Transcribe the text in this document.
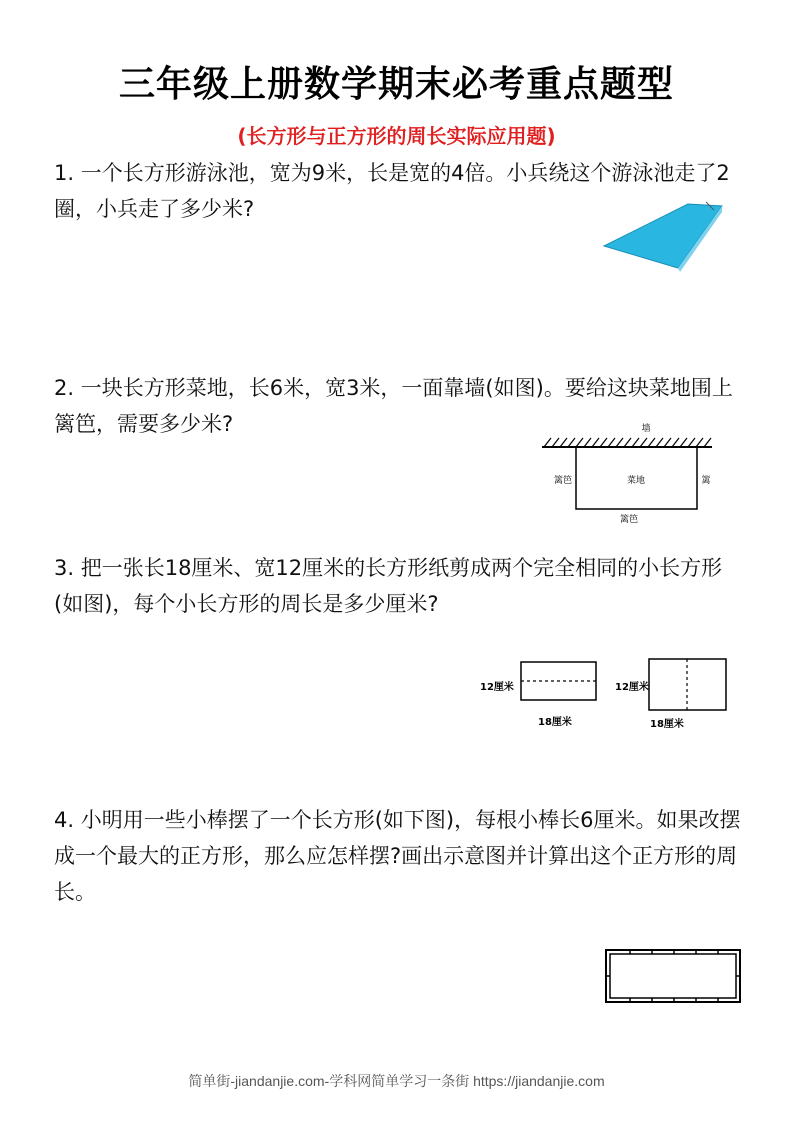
三年级上册数学期末必考重点题型
(长方形与正方形的周长实际应用题)
1. 一个长方形游泳池，宽为9米，长是宽的4倍。小兵绕这个游泳池走了2圈，小兵走了多少米?
2. 一块长方形菜地，长6米，宽3米，一面靠墙(如图)。要给这块菜地围上篱笆，需要多少米?
3. 把一张长18厘米、宽12厘米的长方形纸剪成两个完全相同的小长方形(如图)，每个小长方形的周长是多少厘米?
4. 小明用一些小棒摆了一个长方形(如下图)，每根小棒长6厘米。如果改摆成一个最大的正方形，那么应怎样摆?画出示意图并计算出这个正方形的周长。
墙
菜地
篱笆	篱
篱笆
12厘米
18厘米
12厘米
18厘米
简单街-jiandanjie.com-学科网简单学习一条街 https://jiandanjie.com
